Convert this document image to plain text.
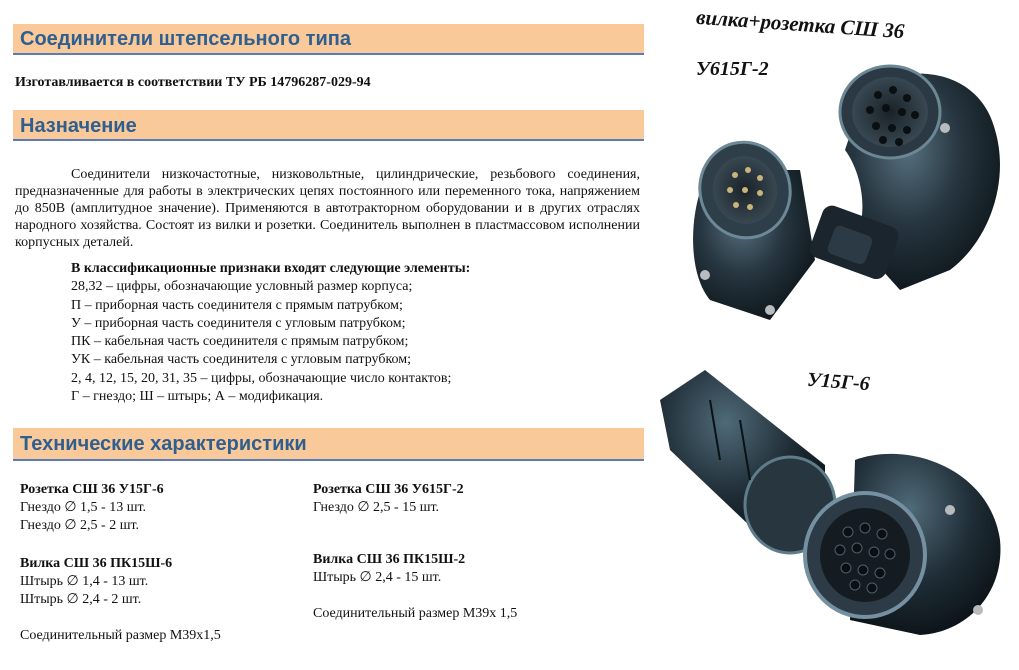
Соединители штепсельного типа
Изготавливается в соответствии ТУ РБ 14796287-029-94
Назначение
Соединители низкочастотные, низковольтные, цилиндрические, резьбового соединения, предназначенные для работы в электрических цепях постоянного или переменного тока, напряжением до 850В (амплитудное значение). Применяются в автотракторном оборудовании и в других отраслях народного хозяйства. Состоят из вилки и розетки. Соединитель выполнен в пластмассовом исполнении корпусных деталей.
В классификационные признаки входят следующие элементы:
28,32 – цифры, обозначающие условный размер корпуса;
П – приборная часть соединителя с прямым патрубком;
У – приборная часть соединителя с угловым патрубком;
ПК – кабельная часть соединителя с прямым патрубком;
УК – кабельная часть соединителя с угловым патрубком;
2, 4, 12, 15, 20, 31, 35 – цифры, обозначающие число контактов;
Г – гнездо; Ш – штырь; А – модификация.
Технические характеристики
Розетка СШ 36 У15Г-6
Гнездо ∅ 1,5 - 13 шт.
Гнездо ∅ 2,5 - 2 шт.
Вилка СШ 36 ПК15Ш-6
Штырь ∅ 1,4 - 13 шт.
Штырь ∅ 2,4 - 2 шт.
Соединительный размер М39х1,5
Розетка СШ 36 У615Г-2
Гнездо ∅ 2,5 - 15 шт.
Вилка СШ 36 ПК15Ш-2
Штырь ∅ 2,4 - 15 шт.
Соединительный размер М39х 1,5
вилка+розетка СШ 36
У615Г-2
У15Г-6
